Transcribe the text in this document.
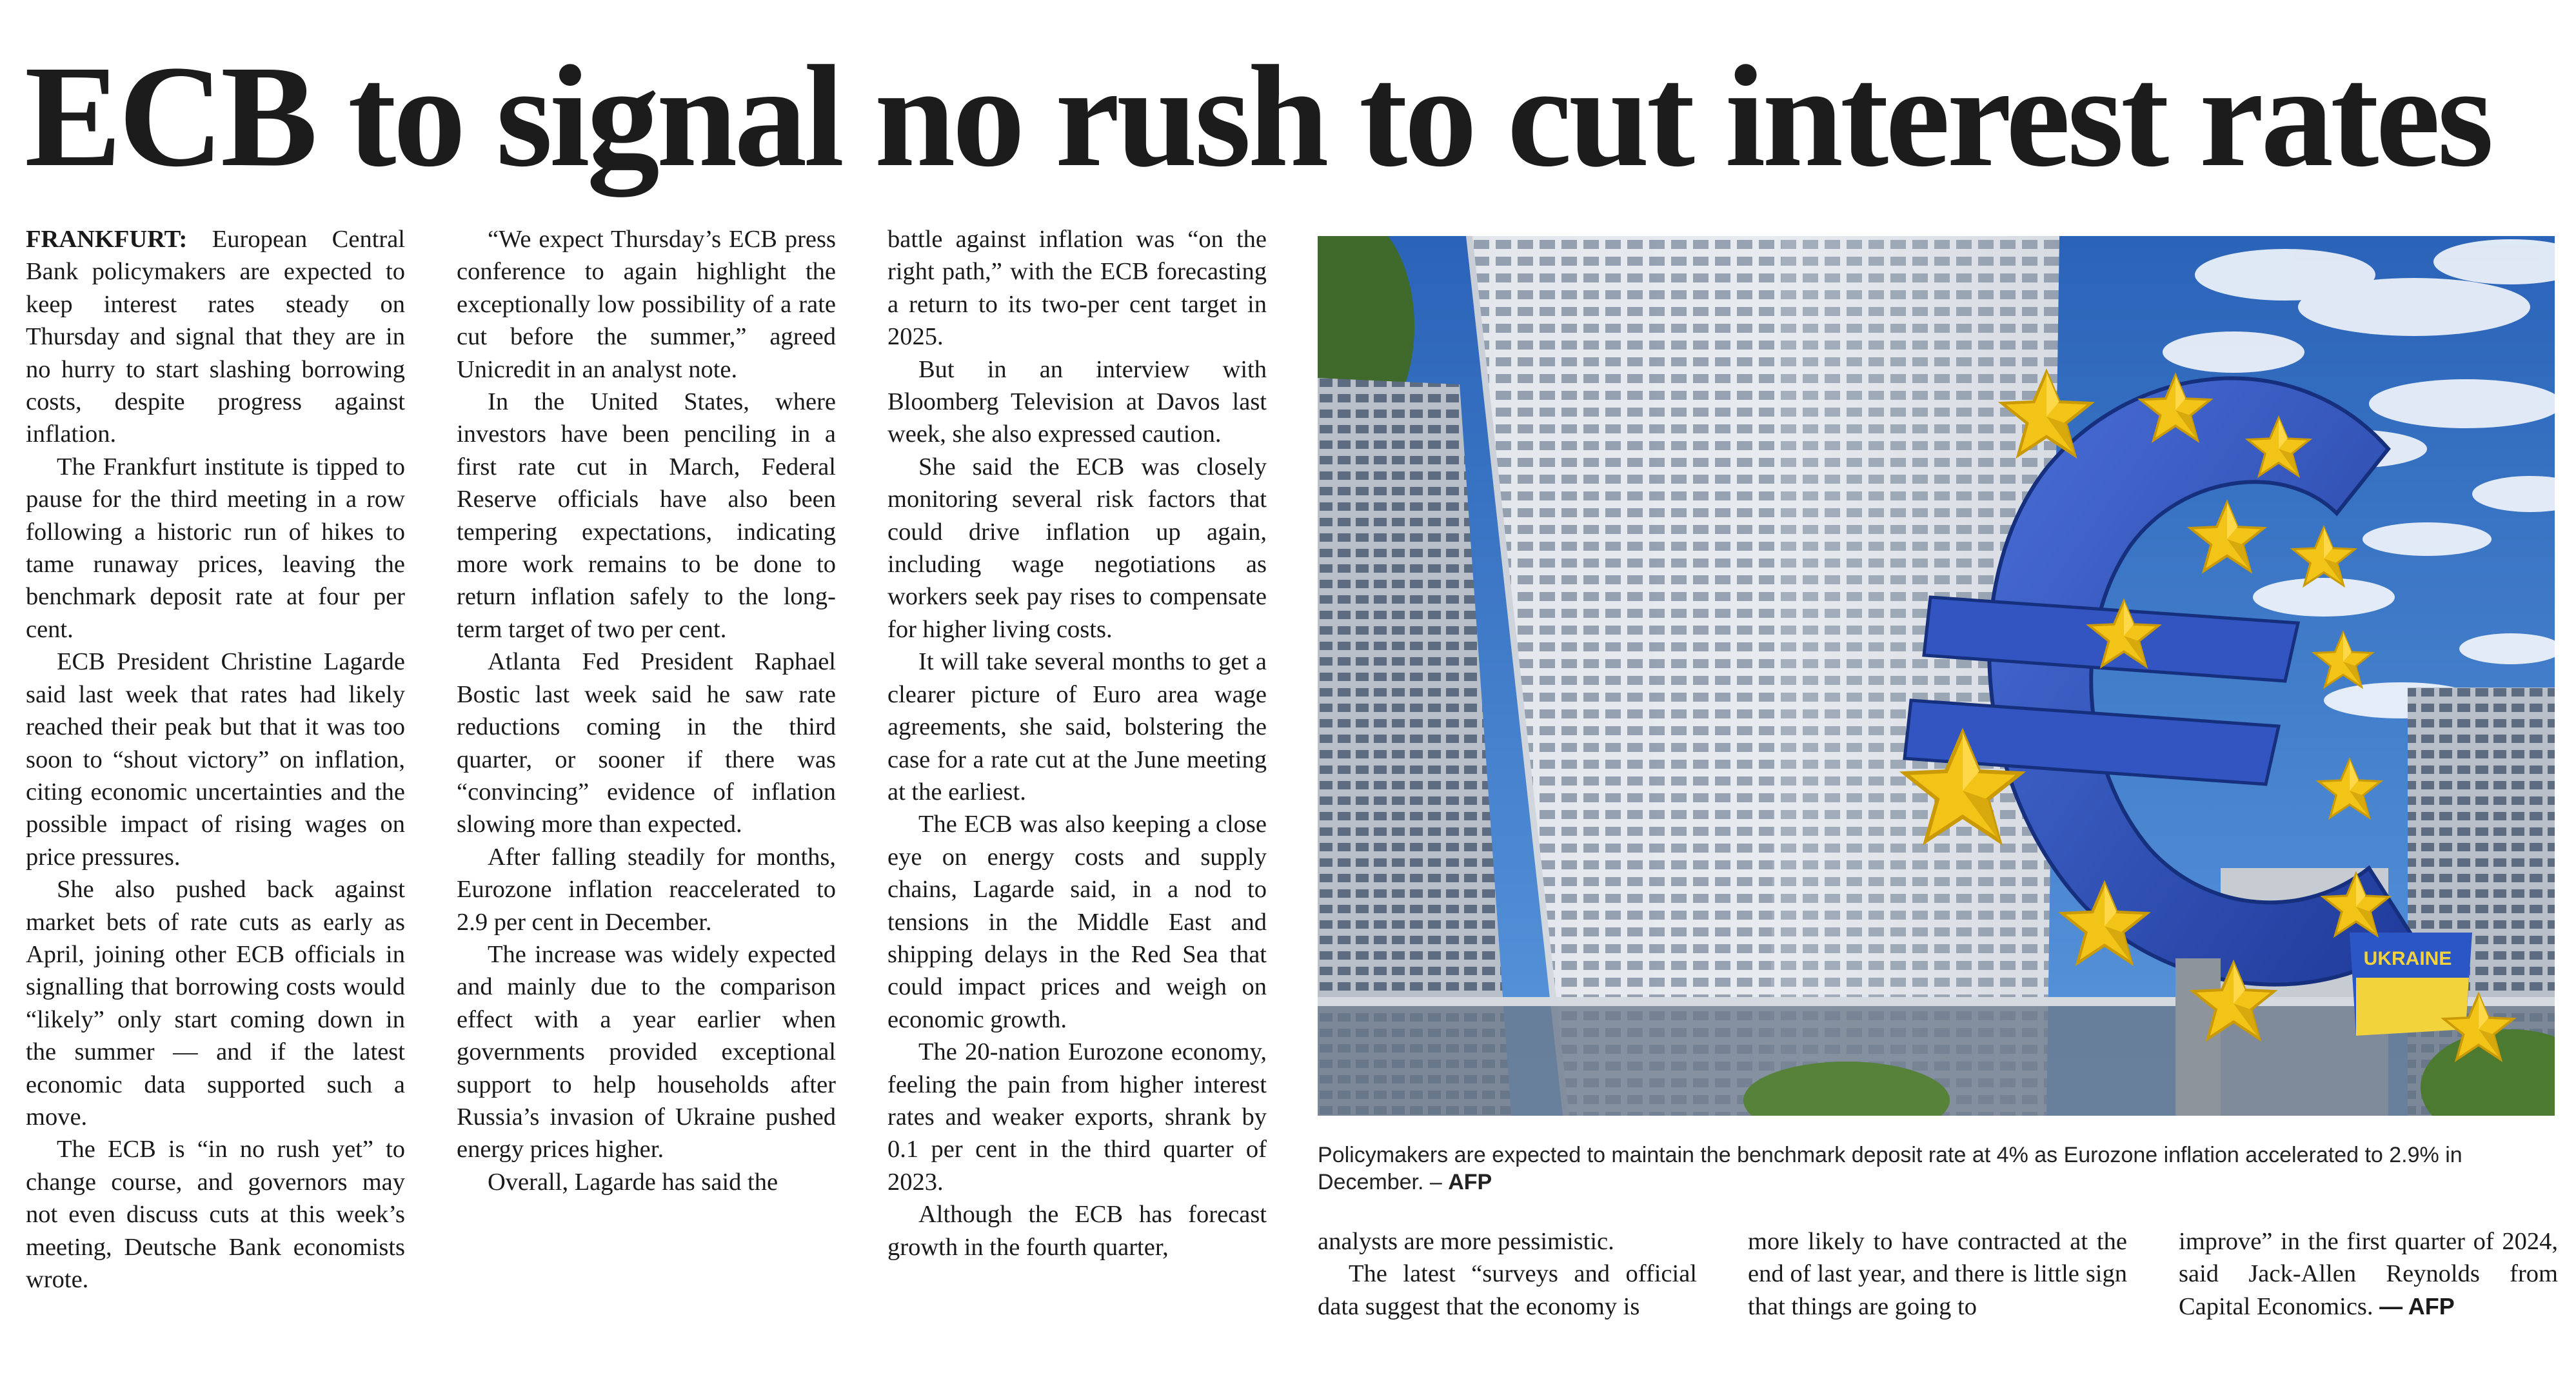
ECB to signal no rush to cut interest rates

FRANKFURT: European Central Bank policymakers are expected to keep interest rates steady on Thursday and signal that they are in no hurry to start slashing borrowing costs, despite progress against inflation.

The Frankfurt institute is tipped to pause for the third meeting in a row following a historic run of hikes to tame runaway prices, leaving the benchmark deposit rate at four per cent.

ECB President Christine Lagarde said last week that rates had likely reached their peak but that it was too soon to “shout victory” on inflation, citing economic uncertainties and the possible impact of rising wages on price pressures.

She also pushed back against market bets of rate cuts as early as April, joining other ECB officials in signalling that borrowing costs would “likely” only start coming down in the summer — and if the latest economic data supported such a move.

The ECB is “in no rush yet” to change course, and governors may not even discuss cuts at this week’s meeting, Deutsche Bank economists wrote.

“We expect Thursday’s ECB press conference to again highlight the exceptionally low possibility of a rate cut before the summer,” agreed Unicredit in an analyst note.

In the United States, where investors have been penciling in a first rate cut in March, Federal Reserve officials have also been tempering expectations, indicating more work remains to be done to return inflation safely to the long-term target of two per cent.

Atlanta Fed President Raphael Bostic last week said he saw rate reductions coming in the third quarter, or sooner if there was “convincing” evidence of inflation slowing more than expected.

After falling steadily for months, Eurozone inflation reaccelerated to 2.9 per cent in December.

The increase was widely expected and mainly due to the comparison effect with a year earlier when governments provided exceptional support to help households after Russia’s invasion of Ukraine pushed energy prices higher.

Overall, Lagarde has said the

battle against inflation was “on the right path,” with the ECB forecasting a return to its two-per cent target in 2025.

But in an interview with Bloomberg Television at Davos last week, she also expressed caution.

She said the ECB was closely monitoring several risk factors that could drive inflation up again, including wage negotiations as workers seek pay rises to compensate for higher living costs.

It will take several months to get a clearer picture of Euro area wage agreements, she said, bolstering the case for a rate cut at the June meeting at the earliest.

The ECB was also keeping a close eye on energy costs and supply chains, Lagarde said, in a nod to tensions in the Middle East and shipping delays in the Red Sea that could impact prices and weigh on economic growth.

The 20-nation Eurozone economy, feeling the pain from higher interest rates and weaker exports, shrank by 0.1 per cent in the third quarter of 2023.

Although the ECB has forecast growth in the fourth quarter,

UKRAINE
Policymakers are expected to maintain the benchmark deposit rate at 4% as Eurozone inflation accelerated to 2.9% in December. – AFP

analysts are more pessimistic.

The latest “surveys and official data suggest that the economy is

more likely to have contracted at the end of last year, and there is little sign that things are going to

improve” in the first quarter of 2024, said Jack-Allen Reynolds from Capital Economics. — AFP
